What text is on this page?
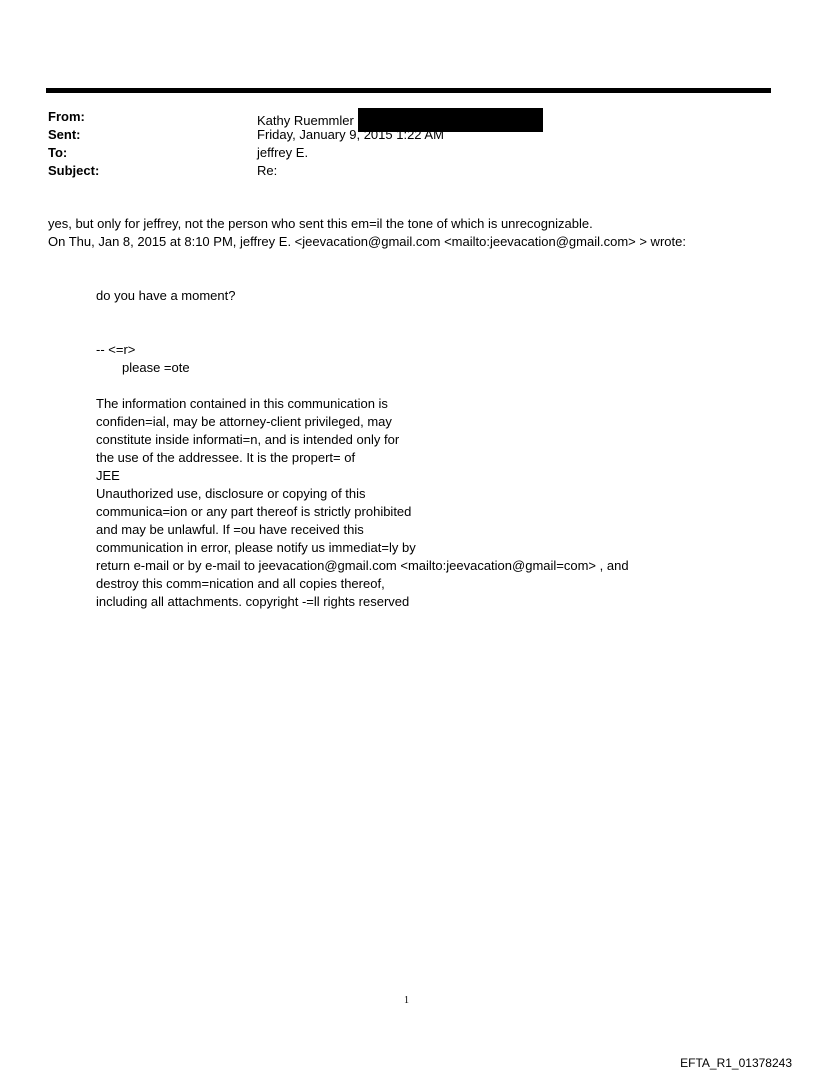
From:	Kathy Ruemmler
Sent:	Friday, January 9, 2015 1:22 AM
To:	jeffrey E.
Subject:	Re:
yes, but only for jeffrey, not the person who sent this em=il the tone of which is unrecognizable.
On Thu, Jan 8, 2015 at 8:10 PM, jeffrey E. <jeevacation@gmail.com <mailto:jeevacation@gmail.com> > wrote:
do you have a moment?
-- <=r>
please =ote
The information contained in this communication is
confiden=ial, may be attorney-client privileged, may
constitute inside informati=n, and is intended only for
the use of the addressee. It is the propert= of
JEE
Unauthorized use, disclosure or copying of this
communica=ion or any part thereof is strictly prohibited
and may be unlawful. If =ou have received this
communication in error, please notify us immediat=ly by
return e-mail or by e-mail to jeevacation@gmail.com <mailto:jeevacation@gmail=com> , and
destroy this comm=nication and all copies thereof,
including all attachments. copyright -=ll rights reserved
1
EFTA_R1_01378243
